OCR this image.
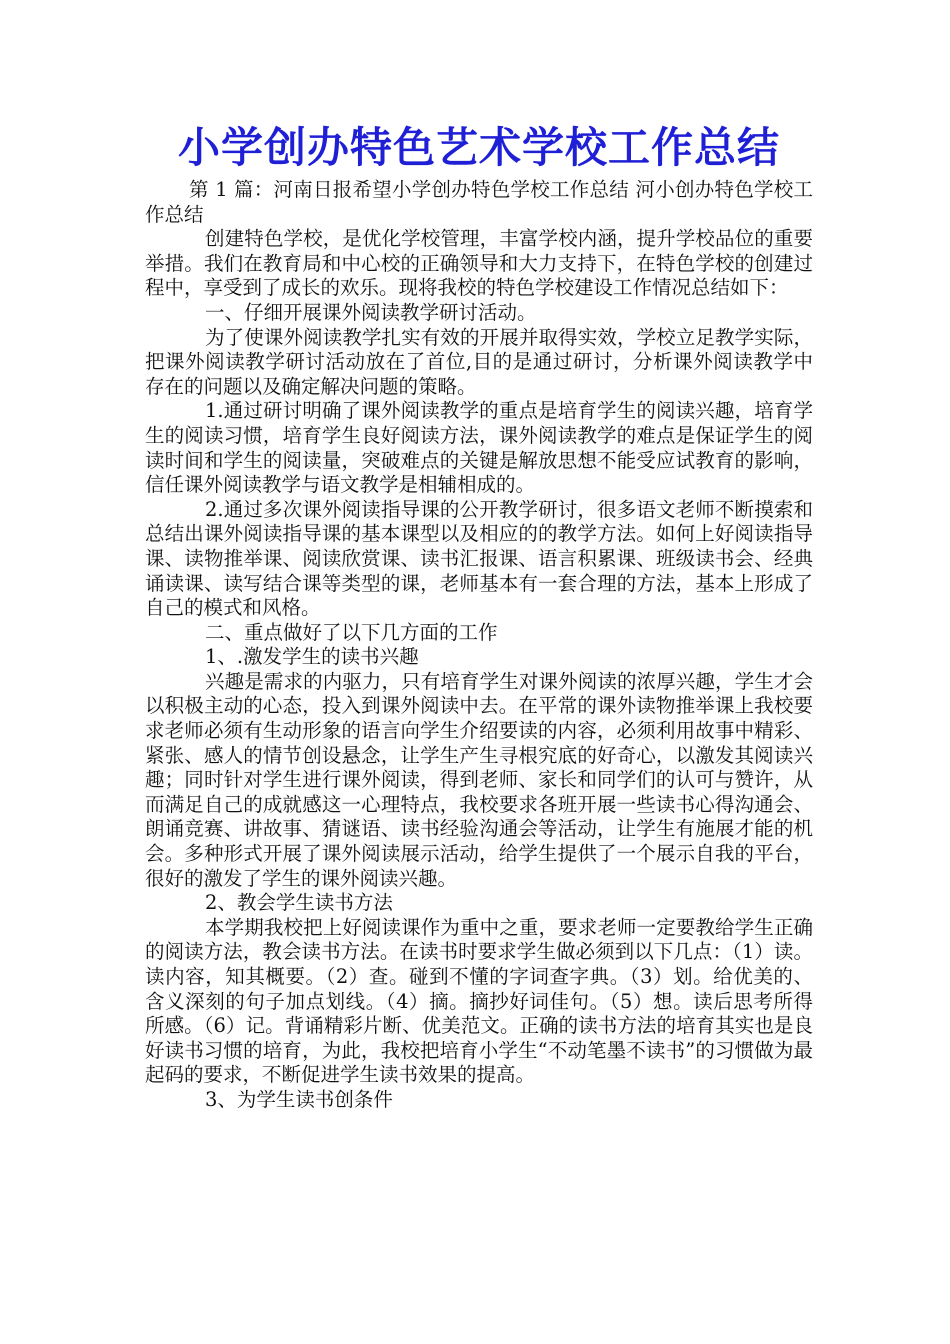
小学创办特色艺术学校工作总结

第 1 篇：河南日报希望小学创办特色学校工作总结 河小创办特色学校工作总结

创建特色学校，是优化学校管理，丰富学校内涵，提升学校品位的重要举措。我们在教育局和中心校的正确领导和大力支持下，在特色学校的创建过程中，享受到了成长的欢乐。现将我校的特色学校建设工作情况总结如下：

一、仔细开展课外阅读教学研讨活动。

为了使课外阅读教学扎实有效的开展并取得实效，学校立足教学实际，把课外阅读教学研讨活动放在了首位,目的是通过研讨，分析课外阅读教学中存在的问题以及确定解决问题的策略。

1.通过研讨明确了课外阅读教学的重点是培育学生的阅读兴趣，培育学生的阅读习惯，培育学生良好阅读方法，课外阅读教学的难点是保证学生的阅读时间和学生的阅读量，突破难点的关键是解放思想不能受应试教育的影响，信任课外阅读教学与语文教学是相辅相成的。

2.通过多次课外阅读指导课的公开教学研讨，很多语文老师不断摸索和总结出课外阅读指导课的基本课型以及相应的的教学方法。如何上好阅读指导课、读物推举课、阅读欣赏课、读书汇报课、语言积累课、班级读书会、经典诵读课、读写结合课等类型的课，老师基本有一套合理的方法，基本上形成了自己的模式和风格。

二、重点做好了以下几方面的工作

1、.激发学生的读书兴趣

兴趣是需求的内驱力，只有培育学生对课外阅读的浓厚兴趣，学生才会以积极主动的心态，投入到课外阅读中去。在平常的课外读物推举课上我校要求老师必须有生动形象的语言向学生介绍要读的内容，必须利用故事中精彩、紧张、感人的情节创设悬念，让学生产生寻根究底的好奇心，以激发其阅读兴趣；同时针对学生进行课外阅读，得到老师、家长和同学们的认可与赞许，从而满足自己的成就感这一心理特点，我校要求各班开展一些读书心得沟通会、朗诵竞赛、讲故事、猜谜语、读书经验沟通会等活动，让学生有施展才能的机会。多种形式开展了课外阅读展示活动，给学生提供了一个展示自我的平台，很好的激发了学生的课外阅读兴趣。

2、教会学生读书方法

本学期我校把上好阅读课作为重中之重，要求老师一定要教给学生正确的阅读方法，教会读书方法。在读书时要求学生做必须到以下几点：（1）读。读内容，知其概要。（2）查。碰到不懂的字词查字典。（3）划。给优美的、含义深刻的句子加点划线。（4）摘。摘抄好词佳句。（5）想。读后思考所得所感。（6）记。背诵精彩片断、优美范文。正确的读书方法的培育其实也是良好读书习惯的培育，为此，我校把培育小学生“不动笔墨不读书”的习惯做为最起码的要求，不断促进学生读书效果的提高。

3、为学生读书创条件
